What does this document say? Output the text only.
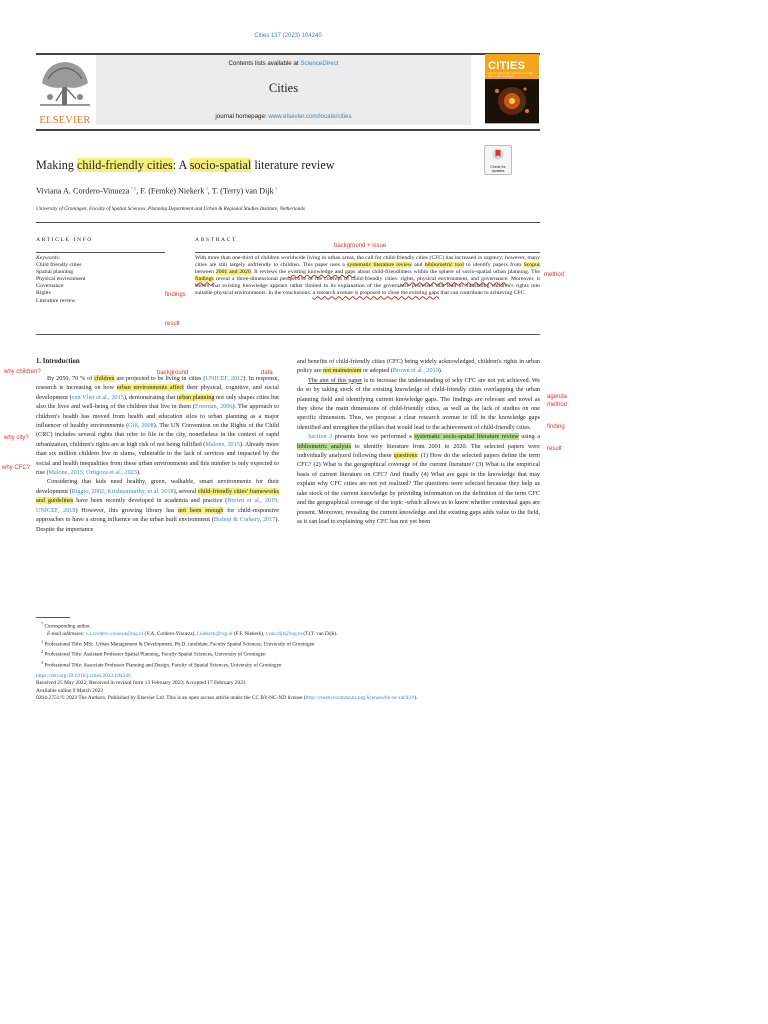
Cities 137 (2023) 104240
ELSEVIER
Contents lists available at ScienceDirect
Cities
journal homepage: www.elsevier.com/locate/cities
CITIES
THE INTERNATIONAL JOURNAL OF URBAN POLICY AND PLANNING
Check for
updates
Making child-friendly cities: A socio-spatial literature review
Viviana A. Cordero-Vinueza $^{*,1}$, F. (Femke) Niekerk $^2$, T. (Terry) van Dijk $^3$
University of Groningen, Faculty of Spatial Sciences, Planning Department and Urban & Regional Studies Institute, Netherlands
ARTICLE INFO
Keywords:
Child friendly cities
Spatial planning
Physical environment
Governance
Rights
Literature review
ABSTRACT
With more than one-third of children worldwide living in urban areas, the call for child-friendly cities (CFC) has increased in urgency; however, many cities are still largely unfriendly to children. This paper uses a systematic literature review and bibliometric tool to identify papers from Scopus between 2001 and 2020. It reviews the existing knowledge and gaps about child-friendliness within the sphere of socio-spatial urban planning. The findings reveal a three-dimensional perspective of the concept of child-friendly cities: rights, physical environment, and governance. Moreover, it shows that existing knowledge appears rather limited in its explanation of the governance processes that lead to translating children's rights into suitable physical environments. In the conclusions, a research avenue is proposed to close the existing gaps that can contribute to achieving CFC.
background + issue
method
findings
result
1. Introduction

By 2050, 70 % of children are projected to be living in cities (UNICEF, 2012). In response, research is increasing on how urban environments affect their physical, cognitive, and social development (van Vliet et al., 2015), demonstrating that urban planning not only shapes cities but also the lives and well-being of the children that live in them (Freeman, 2006). The approach to children's health has moved from health and education silos to urban planning as a major influencer of healthy environments (Gill, 2008). The UN Convention on the Rights of the Child (CRC) includes several rights that refer to life in the city, nonetheless in the context of rapid urbanization, children's rights are at high risk of not being fulfilled (Malone, 2015). Already more than six million children live in slums, vulnerable to the lack of services and impacted by the social and health inequalities from these urban environments and this number is only expected to rise (Malone, 2015; Ortigoza et al., 2023).

Considering that kids need healthy, green, walkable, smart environments for their development (Riggio, 2002; Krishnamurthy, et al. 2018), several child-friendly cities' frameworks and guidelines have been recently developed in academia and practice (Brown et al., 2019; UNICEF, 2018) However, this growing library has not been enough for child-responsive approaches to have a strong influence on the urban built environment (Bishop & Corkery, 2017). Despite the importance

and benefits of child-friendly cities (CFC) being widely acknowledged, children's rights in urban policy are not mainstream or adopted (Brown et al., 2019).

The aim of this paper is to increase the understanding of why CFC are not yet achieved. We do so by taking stock of the existing knowledge of child-friendly cities overlapping the urban planning field and identifying current knowledge gaps. The findings are relevant and novel as they show the main dimensions of child-friendly cities, as well as the lack of studies on one specific dimension. Thus, we propose a clear research avenue to fill in the knowledge gaps identified and strengthen the pillars that would lead to the achievement of child-friendly cities.

Section 2 presents how we performed a systematic socio-spatial literature review using a bibliometric analysis to identify literature from 2001 to 2020. The selected papers were individually analyzed following these questions: (1) How do the selected papers define the term CFC? (2) What is the geographical coverage of the current literature? (3) What is the empirical basis of current literature on CFC? And finally (4) What are gaps in the knowledge that may explain why CFC cities are not yet realized? The questions were selected because they help us take stock of the current knowledge by providing information on the definition of the term CFC and the geographical coverage of the topic -which allows us to know whether contextual gaps are present. Moreover, revealing the current knowledge and the existing gaps adds value to the field, as it can lead to explaining why CFC has not yet been

why children?	background	data
why city?
why CFC?
agenda
method
finding
result
* Corresponding author.
E-mail addresses: v.a.cordero.vinueza@rug.nl (V.A. Cordero-Vinueza), f.niekerk@rug.nl (F.F. Niekerk), t.van.dijk@rug.nl (T.(T. van Dijk).
$^1$ Professional Title: MSc. Urban Management & Development, Ph.D. candidate, Faculty Spatial Sciences, University of Groningen
$^2$ Professional Title: Assistant Professor Spatial Planning, Faculty Spatial Sciences, University of Groningen
$^3$ Professional Title: Associate Professor Planning and Design, Faculty of Spatial Sciences, University of Groningen
https://doi.org/10.1016/j.cities.2023.104240
Received 25 May 2022; Received in revised form 13 February 2023; Accepted 17 February 2023
Available online 9 March 2023
0264-2751/© 2023 The Authors. Published by Elsevier Ltd. This is an open access article under the CC BY-NC-ND license (http://creativecommons.org/licenses/by-nc-nd/4.0/).
